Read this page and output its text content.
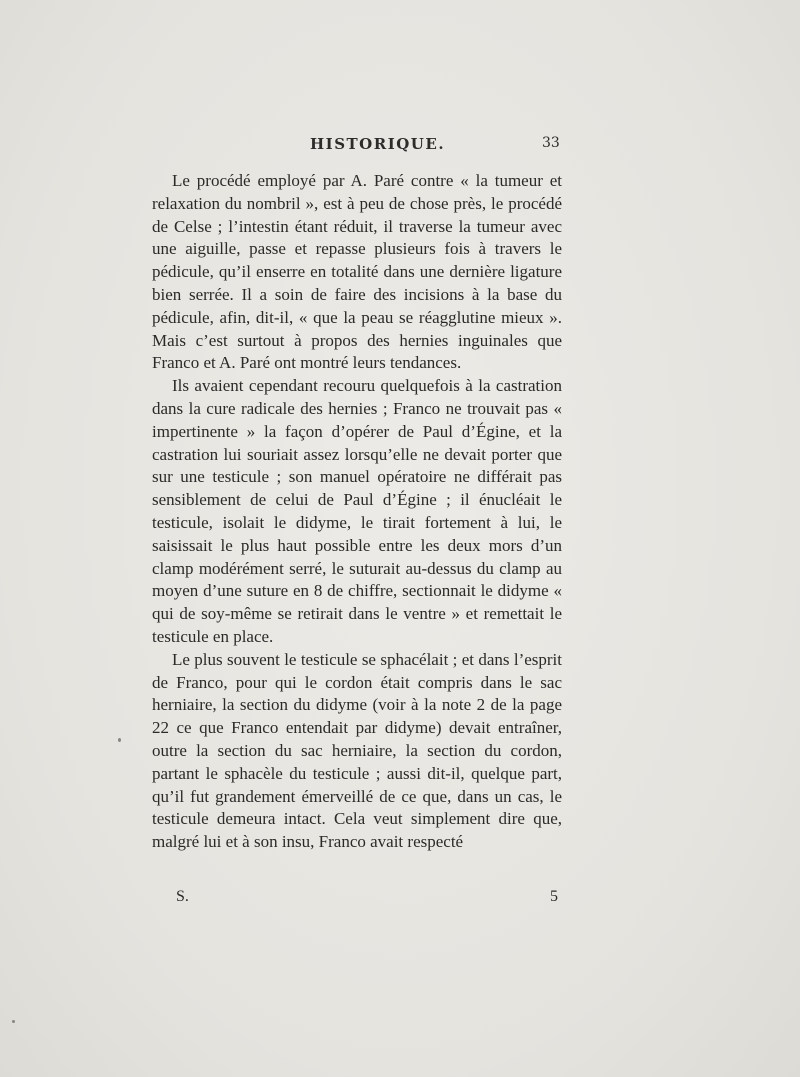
HISTORIQUE.	33

Le procédé employé par A. Paré contre « la tumeur et relaxation du nombril », est à peu de chose près, le procédé de Celse ; l’intestin étant réduit, il traverse la tumeur avec une aiguille, passe et repasse plusieurs fois à travers le pédicule, qu’il enserre en totalité dans une dernière ligature bien serrée. Il a soin de faire des incisions à la base du pédicule, afin, dit-il, « que la peau se réagglutine mieux ». Mais c’est surtout à propos des hernies inguinales que Franco et A. Paré ont montré leurs tendances.

Ils avaient cependant recouru quelquefois à la castration dans la cure radicale des hernies ; Franco ne trouvait pas « impertinente » la façon d’opérer de Paul d’Égine, et la castration lui souriait assez lorsqu’elle ne devait porter que sur une testicule ; son manuel opératoire ne différait pas sensiblement de celui de Paul d’Égine ; il énucléait le testicule, isolait le didyme, le tirait fortement à lui, le saisissait le plus haut possible entre les deux mors d’un clamp modérément serré, le suturait au-dessus du clamp au moyen d’une suture en 8 de chiffre, sectionnait le didyme « qui de soy-même se retirait dans le ventre » et remettait le testicule en place.

Le plus souvent le testicule se sphacélait ; et dans l’esprit de Franco, pour qui le cordon était compris dans le sac herniaire, la section du didyme (voir à la note 2 de la page 22 ce que Franco entendait par didyme) devait entraîner, outre la section du sac herniaire, la section du cordon, partant le sphacèle du testicule ; aussi dit-il, quelque part, qu’il fut grandement émerveillé de ce que, dans un cas, le testicule demeura intact. Cela veut simplement dire que, malgré lui et à son insu, Franco avait respecté

S.	5
